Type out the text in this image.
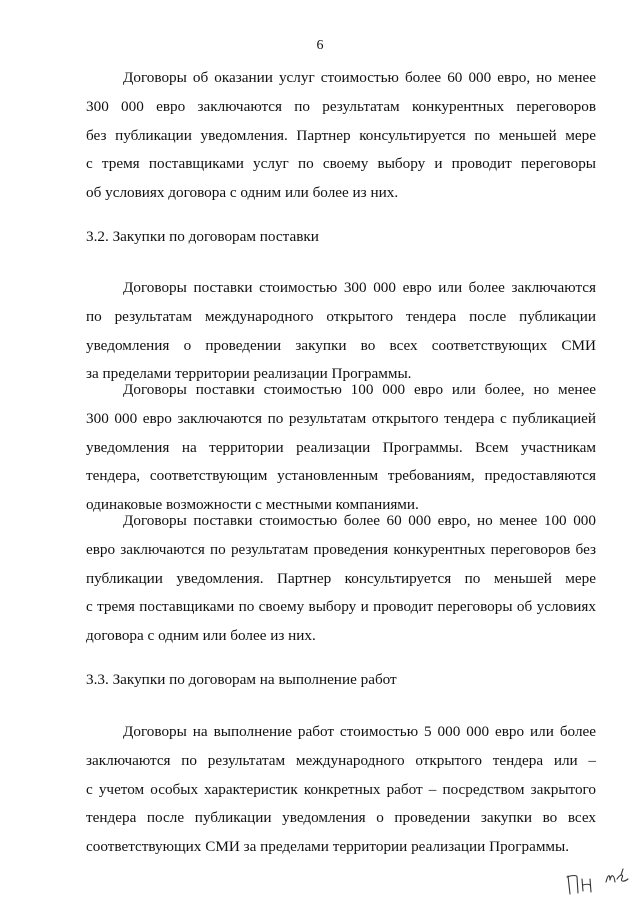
6
Договоры об оказании услуг стоимостью более 60 000 евро, но менее
300 000 евро заключаются по результатам конкурентных переговоров
без публикации уведомления. Партнер консультируется по меньшей мере
с тремя поставщиками услуг по своему выбору и проводит переговоры
об условиях договора с одним или более из них.
3.2. Закупки по договорам поставки
Договоры поставки стоимостью 300 000 евро или более заключаются
по результатам международного открытого тендера после публикации
уведомления о проведении закупки во всех соответствующих СМИ
за пределами территории реализации Программы.
Договоры поставки стоимостью 100 000 евро или более, но менее
300 000 евро заключаются по результатам открытого тендера с публикацией
уведомления на территории реализации Программы. Всем участникам
тендера, соответствующим установленным требованиям, предоставляются
одинаковые возможности с местными компаниями.
Договоры поставки стоимостью более 60 000 евро, но менее 100 000
евро заключаются по результатам проведения конкурентных переговоров без
публикации уведомления. Партнер консультируется по меньшей мере
с тремя поставщиками по своему выбору и проводит переговоры об условиях
договора с одним или более из них.
3.3. Закупки по договорам на выполнение работ
Договоры на выполнение работ стоимостью 5 000 000 евро или более
заключаются по результатам международного открытого тендера или –
с учетом особых характеристик конкретных работ – посредством закрытого
тендера после публикации уведомления о проведении закупки во всех
соответствующих СМИ за пределами территории реализации Программы.
